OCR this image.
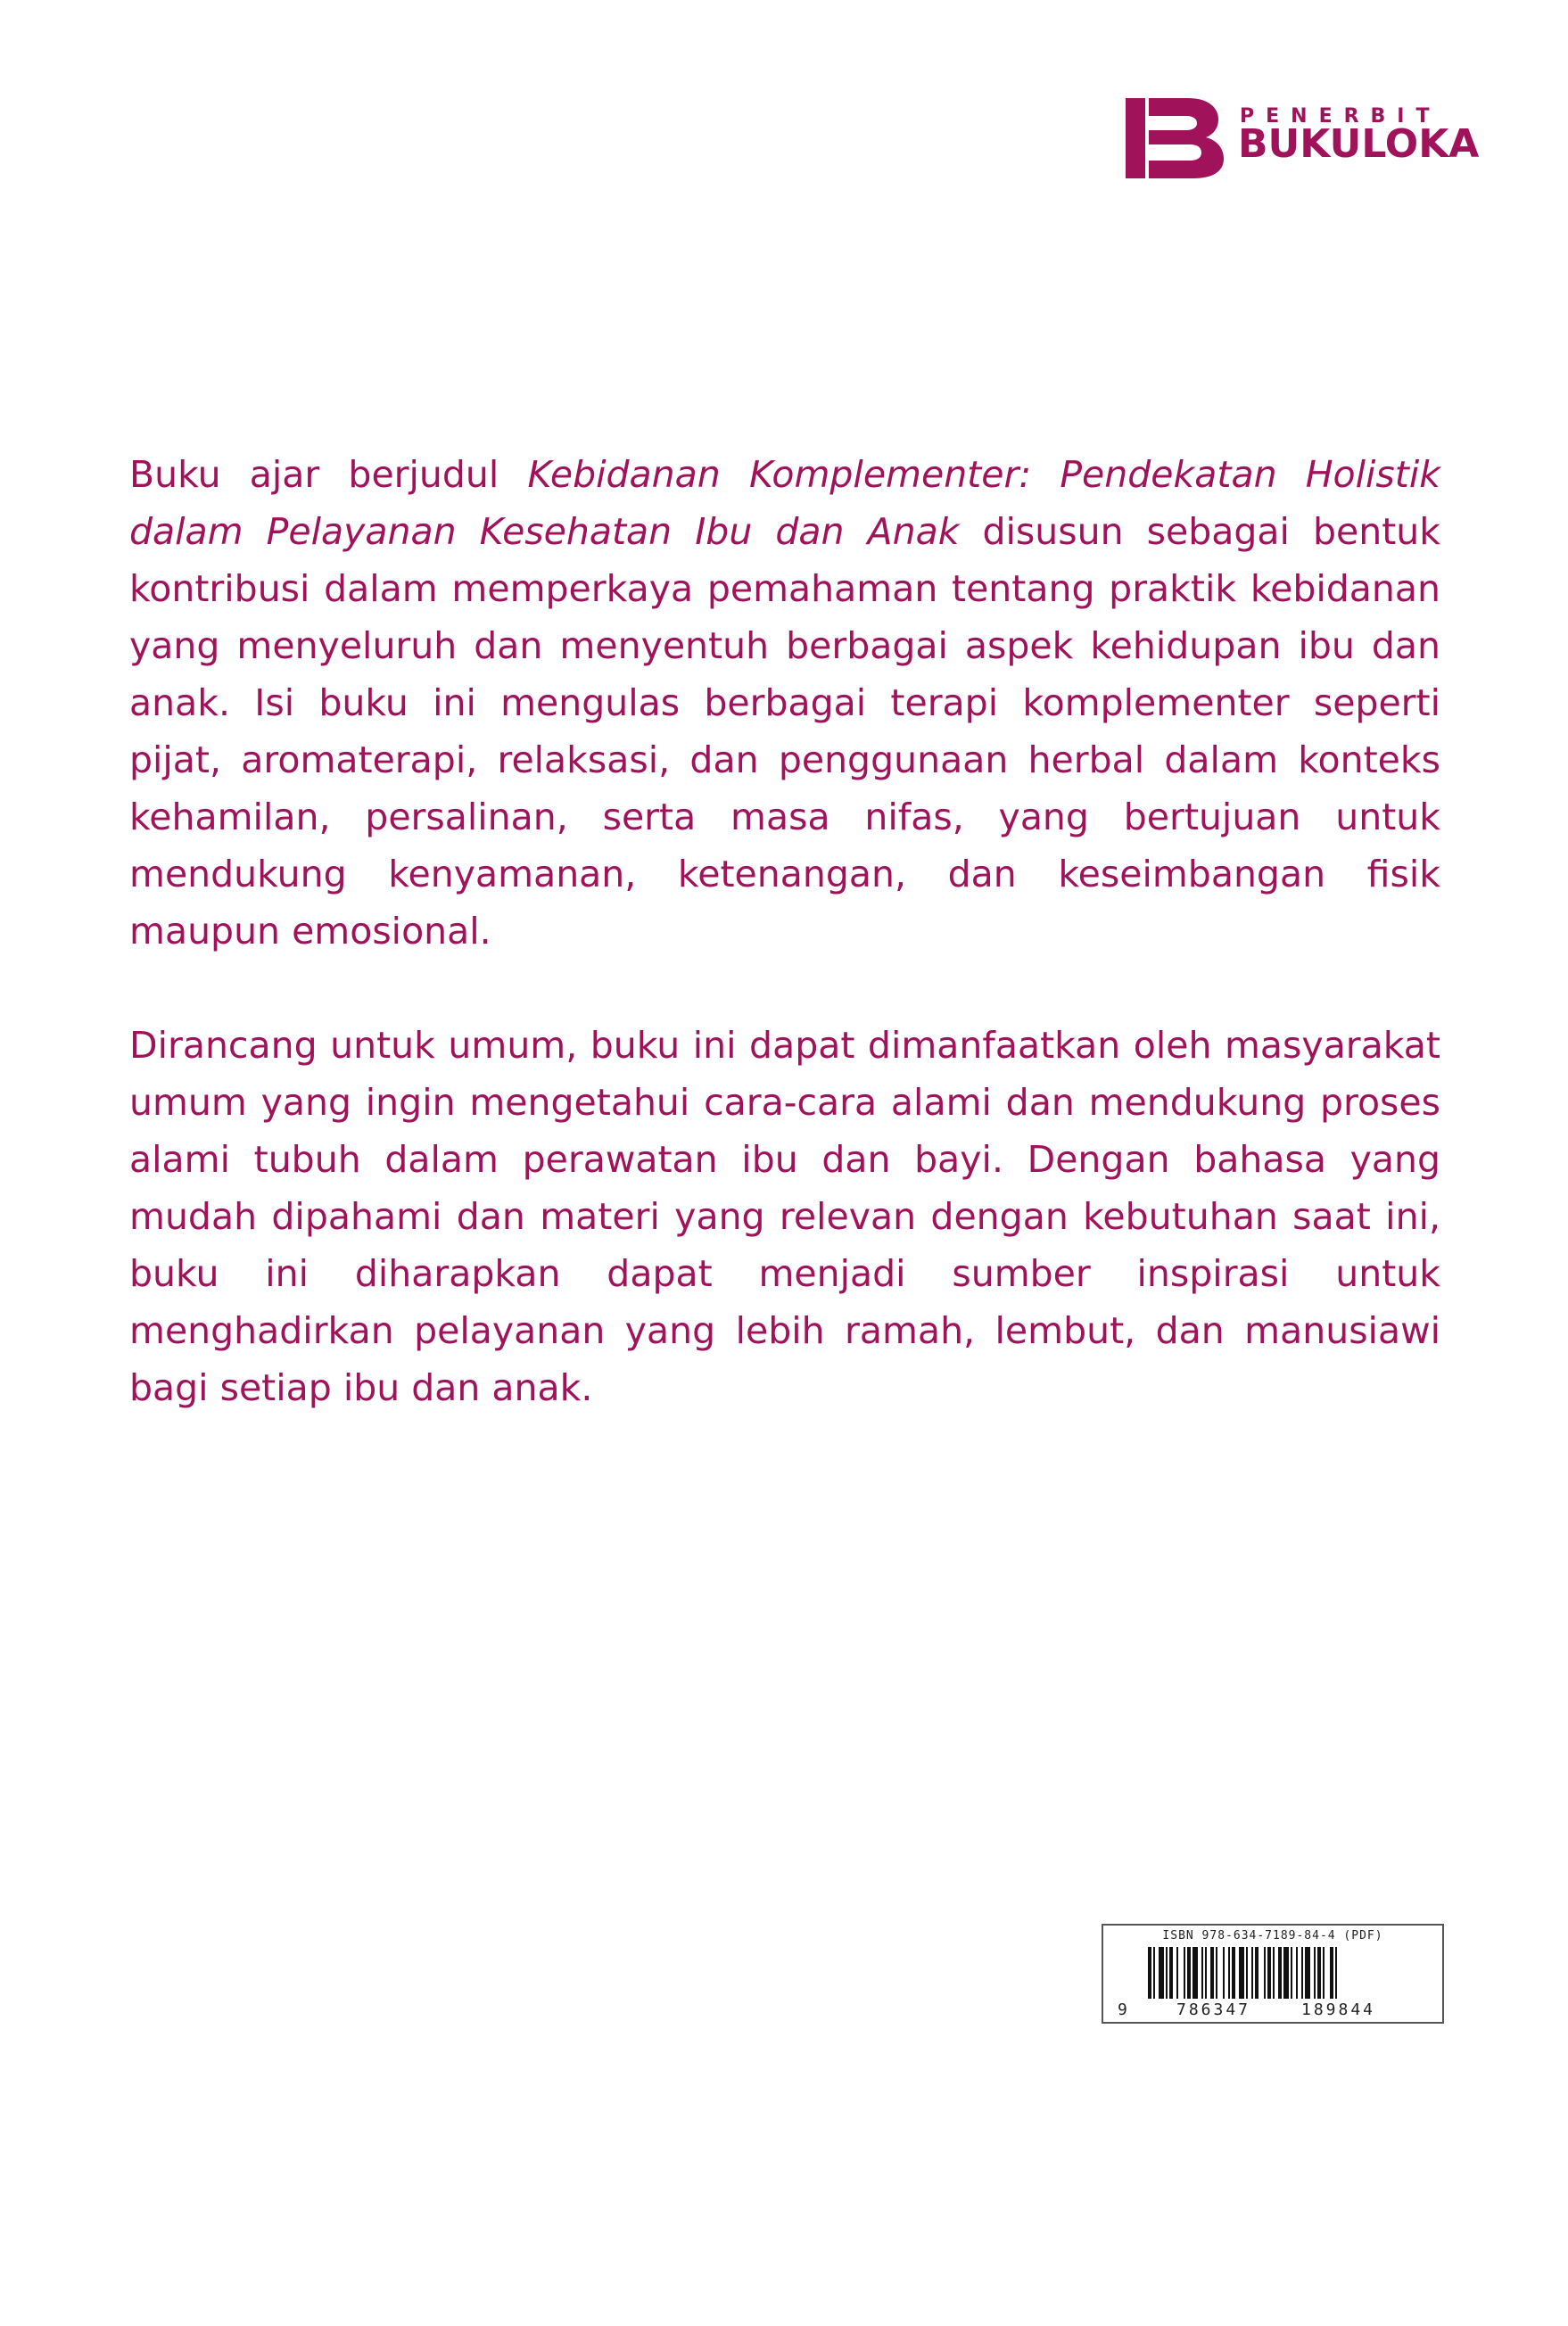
PENERBIT
BUKULOKA

Buku ajar berjudul Kebidanan Komplementer: Pendekatan Holistik dalam Pelayanan Kesehatan Ibu dan Anak disusun sebagai bentuk kontribusi dalam memperkaya pemahaman tentang praktik kebidanan yang menyeluruh dan menyentuh berbagai aspek kehidupan ibu dan anak. Isi buku ini mengulas berbagai terapi komplementer seperti pijat, aromaterapi, relaksasi, dan penggunaan herbal dalam konteks kehamilan, persalinan, serta masa nifas, yang bertujuan untuk mendukung kenyamanan, ketenangan, dan keseimbangan fisik maupun emosional.

Dirancang untuk umum, buku ini dapat dimanfaatkan oleh masyarakat umum yang ingin mengetahui cara-cara alami dan mendukung proses alami tubuh dalam perawatan ibu dan bayi. Dengan bahasa yang mudah dipahami dan materi yang relevan dengan kebutuhan saat ini, buku ini diharapkan dapat menjadi sumber inspirasi untuk menghadirkan pelayanan yang lebih ramah, lembut, dan manusiawi bagi setiap ibu dan anak.

ISBN 978-634-7189-84-4 (PDF)
9	786347	189844
